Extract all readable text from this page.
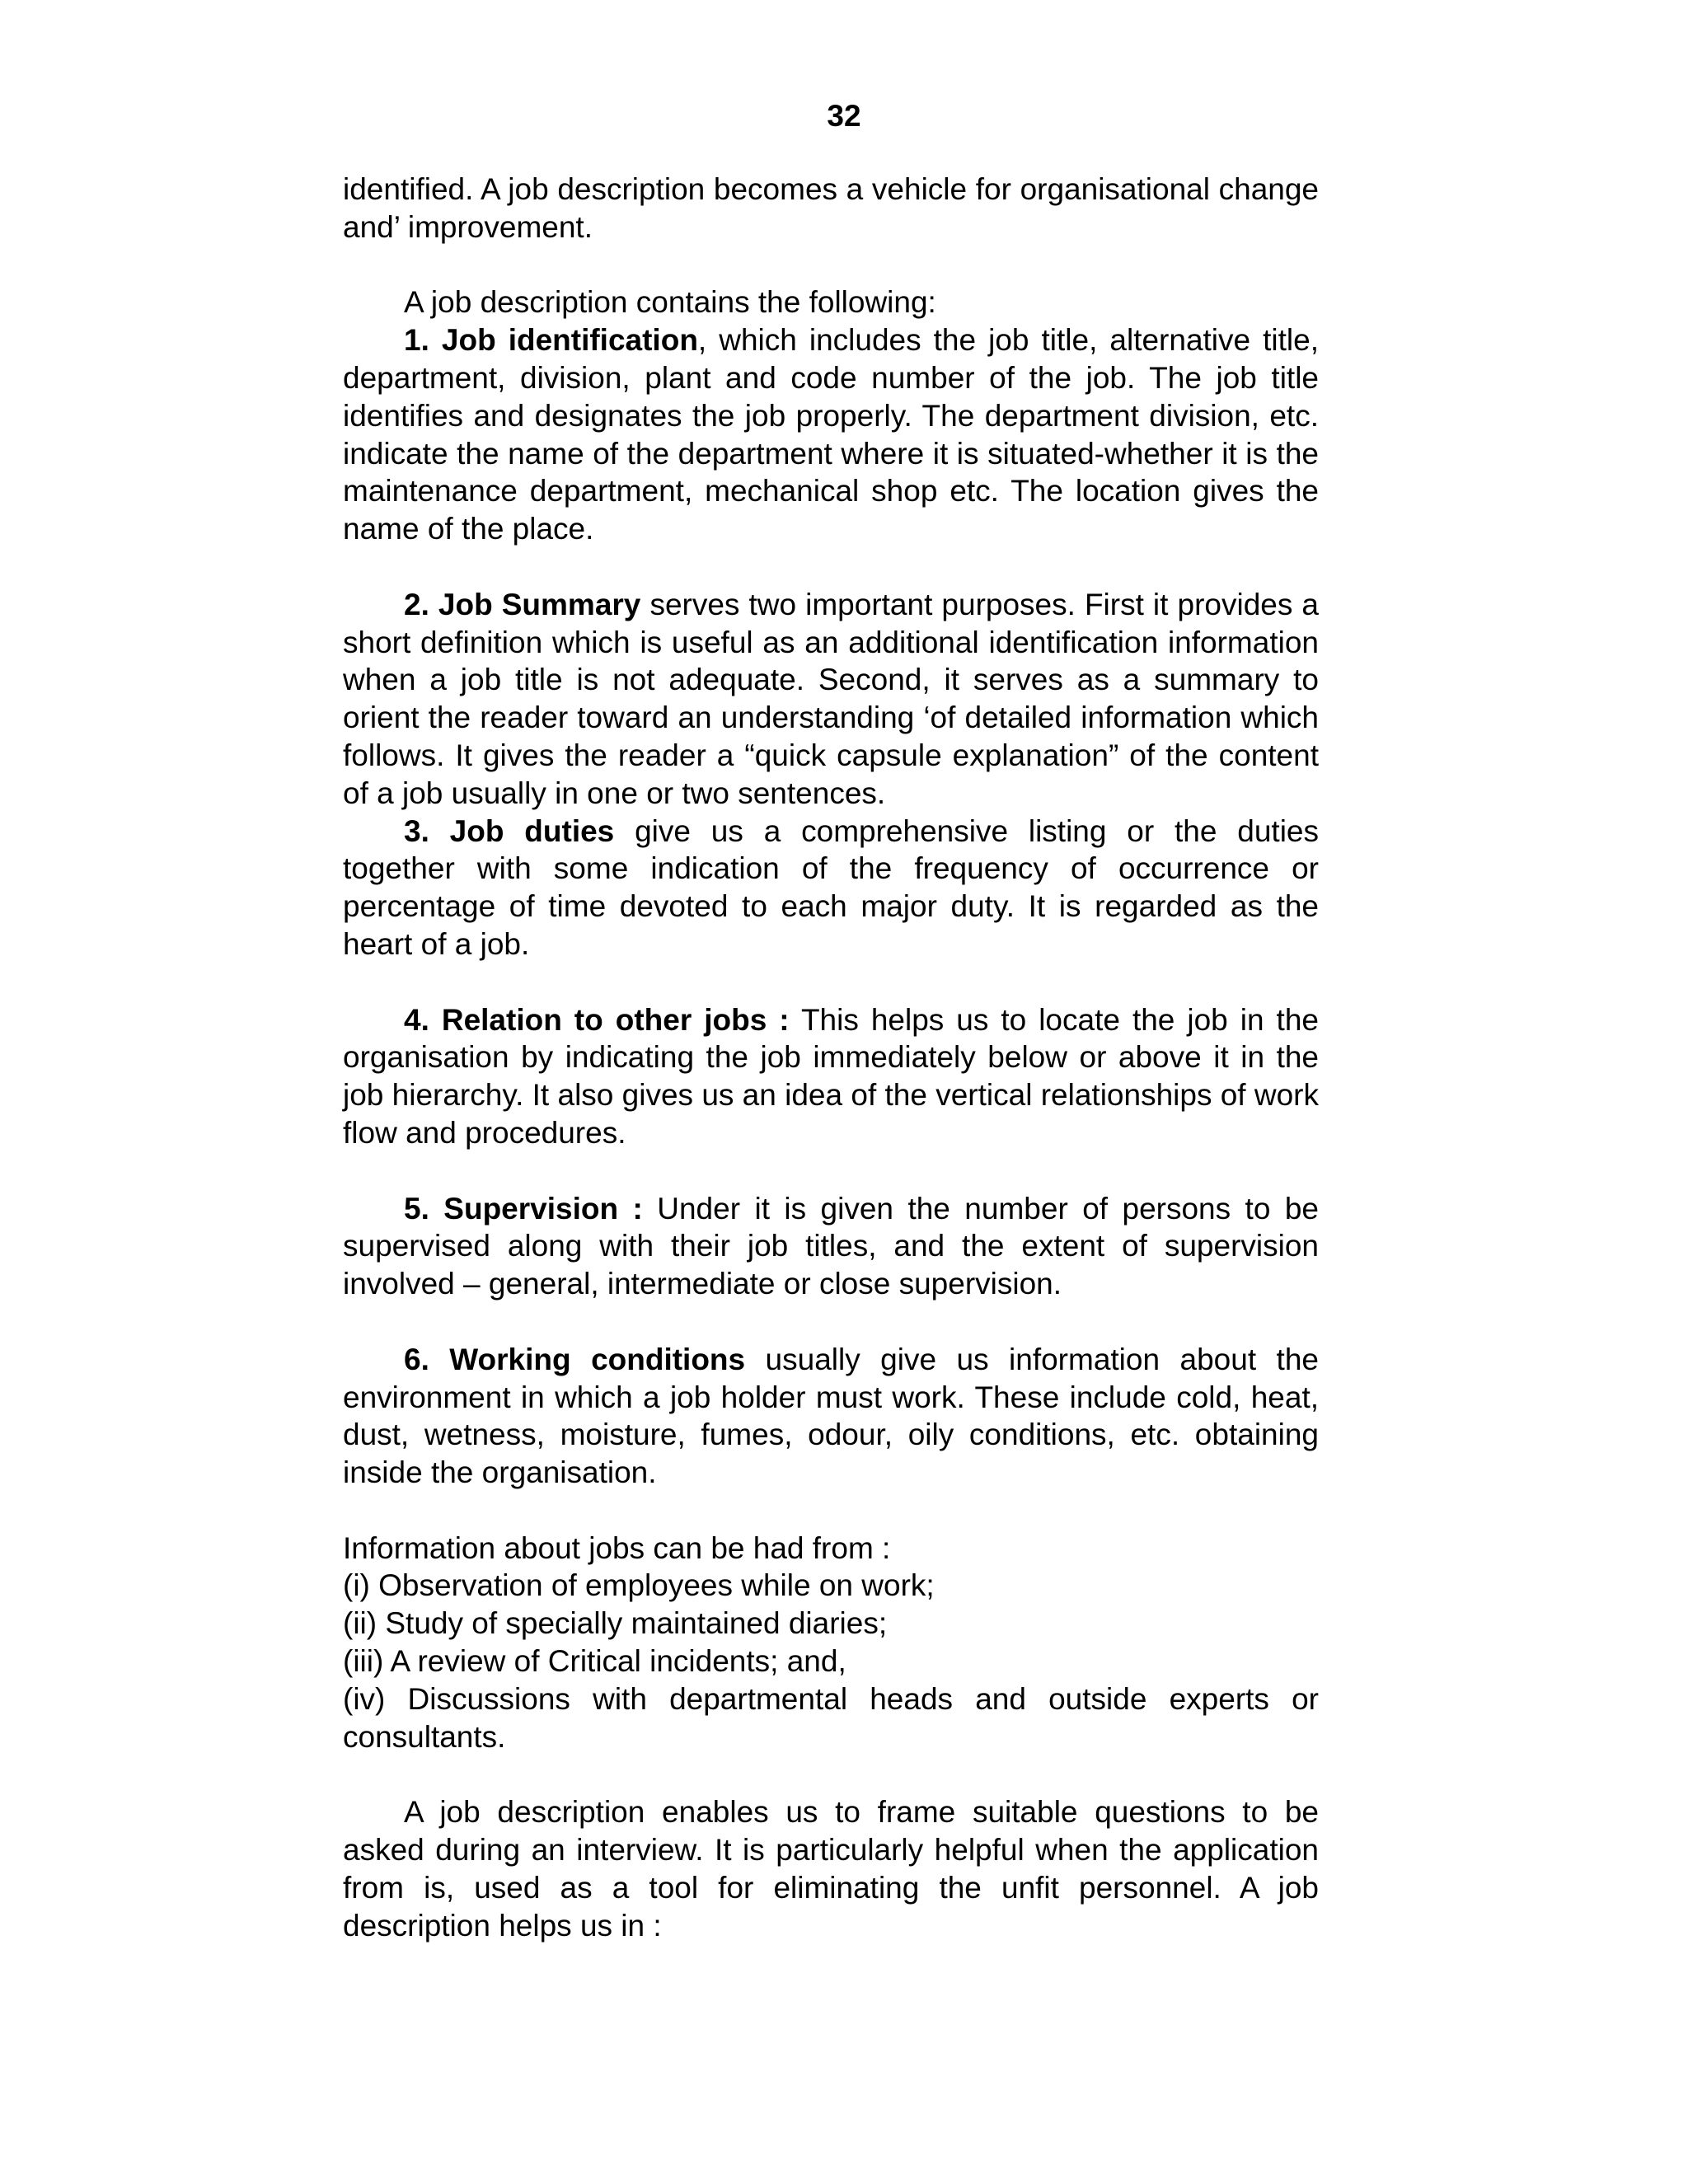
32

identified. A job description becomes a vehicle for organisational change and’ improvement.

A job description contains the following:

1. Job identification, which includes the job title, alternative title, department, division, plant and code number of the job. The job title identifies and designates the job properly. The department division, etc. indicate the name of the department where it is situated-whether it is the maintenance department, mechanical shop etc. The location gives the name of the place.

2. Job Summary serves two important purposes. First it provides a short definition which is useful as an additional identification information when a job title is not adequate. Second, it serves as a summary to orient the reader toward an understanding ‘of detailed information which follows. It gives the reader a “quick capsule explanation” of the content of a job usually in one or two sentences.

3. Job duties give us a comprehensive listing or the duties together with some indication of the frequency of occurrence or percentage of time devoted to each major duty. It is regarded as the heart of a job.

4. Relation to other jobs : This helps us to locate the job in the organisation by indicating the job immediately below or above it in the job hierarchy. It also gives us an idea of the vertical relationships of work flow and procedures.

5. Supervision : Under it is given the number of persons to be supervised along with their job titles, and the extent of supervision involved – general, intermediate or close supervision.

6. Working conditions usually give us information about the environment in which a job holder must work. These include cold, heat, dust, wetness, moisture, fumes, odour, oily conditions, etc. obtaining inside the organisation.

Information about jobs can be had from :

(i) Observation of employees while on work;

(ii) Study of specially maintained diaries;

(iii) A review of Critical incidents; and,

(iv) Discussions with departmental heads and outside experts or consultants.

A job description enables us to frame suitable questions to be asked during an interview. It is particularly helpful when the application from is, used as a tool for eliminating the unfit personnel. A job description helps us in :
